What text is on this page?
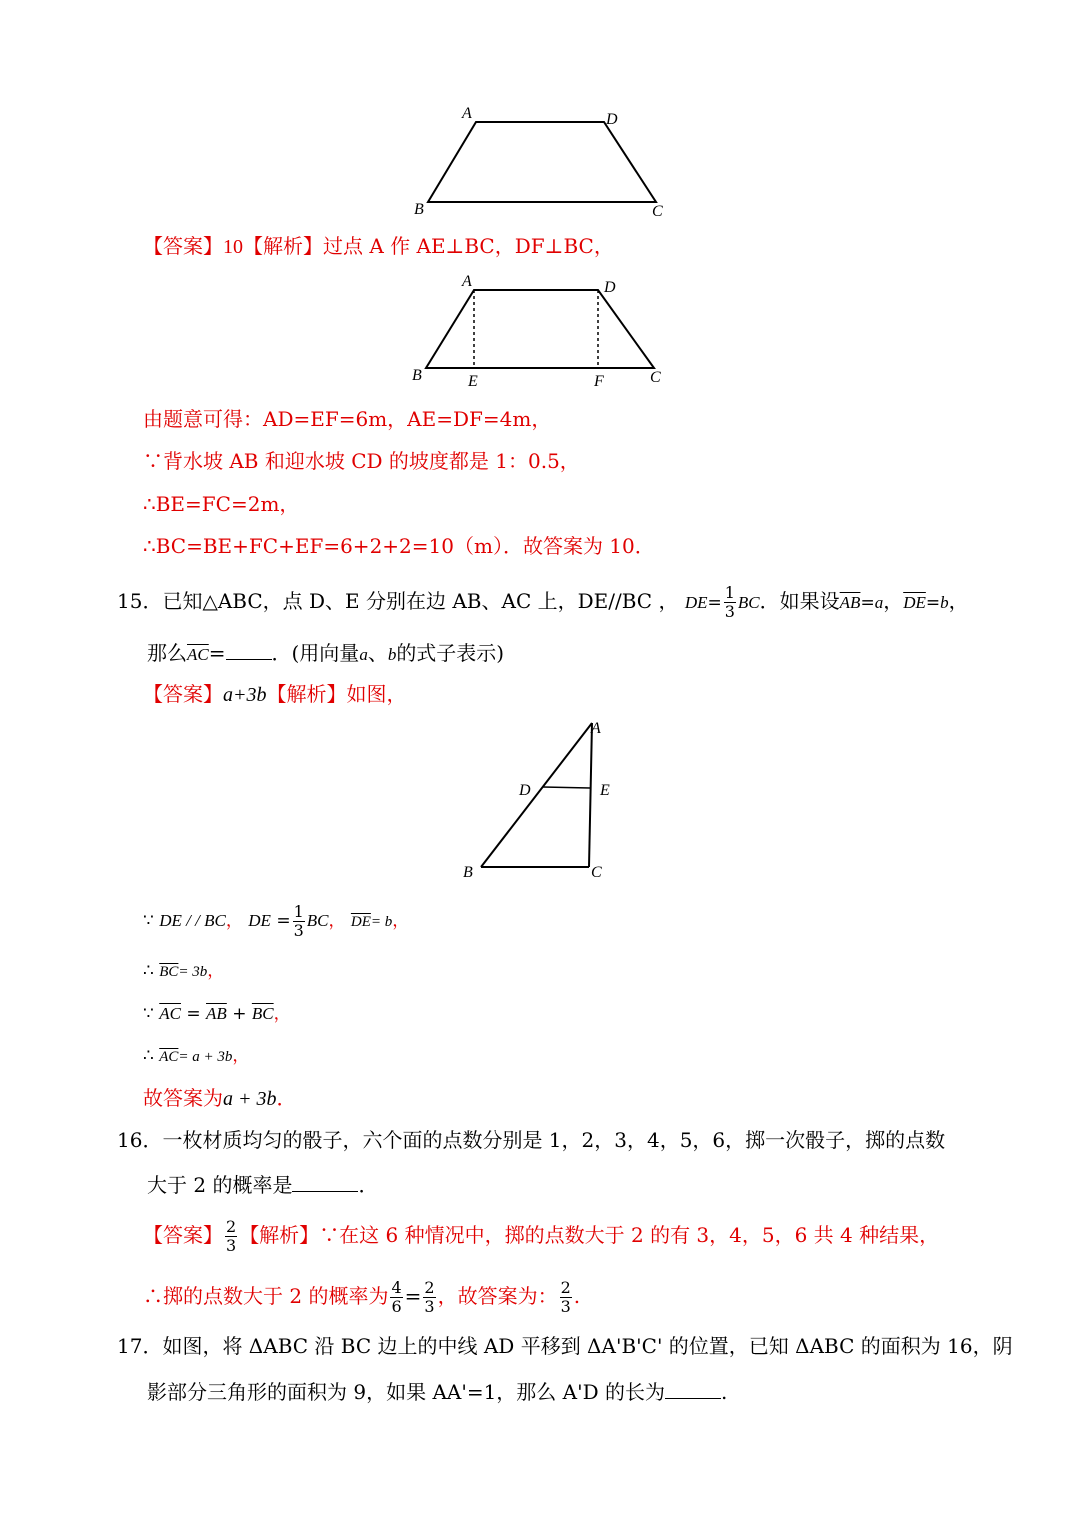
A	D
B	C
【答案】10【解析】过点 A 作 AE⊥BC，DF⊥BC，
A	D
B	E	F	C
由题意可得：AD=EF=6m，AE=DF=4m，
∵背水坡 AB 和迎水坡 CD 的坡度都是 1：0.5，
∴BE=FC=2m，
∴BC=BE+FC+EF=6+2+2=10（m）．故答案为 10．
15．已知△ABC，点 D、E 分别在边 AB、AC 上，DE//BC ， $DE= \frac{1}{3}$ BC．如果设$\overline{AB}=a$，$\overline{DE}=b$，
那么$\overline{AC}=$ ．(用向量a、b的式子表示)
【答案】a+3b【解析】如图，
A
D	E
B	C
∵ DE / / BC， DE = $\frac{1}{3}$ BC， $\overline{DE}= b$，
∴ $\overline{BC}= 3b$，
∵ $\overline{AC} = \overline{AB} + \overline{BC}$，
∴ $\overline{AC}= a + 3b$，
故答案为a + 3b．
16．一枚材质均匀的骰子，六个面的点数分别是 1，2，3，4，5，6，掷一次骰子，掷的点数
大于 2 的概率是	．
【答案】 $\frac{2}{3}$ 【解析】∵在这 6 种情况中，掷的点数大于 2 的有 3，4，5，6 共 4 种结果，
∴掷的点数大于 2 的概率为 $\frac{4}{6} = \frac{2}{3}$ ，故答案为： $\frac{2}{3}$ .
17．如图，将 ΔABC 沿 BC 边上的中线 AD 平移到 ΔA'B'C' 的位置，已知 ΔABC 的面积为 16，阴
影部分三角形的面积为 9，如果 AA'=1，那么 A'D 的长为	.
